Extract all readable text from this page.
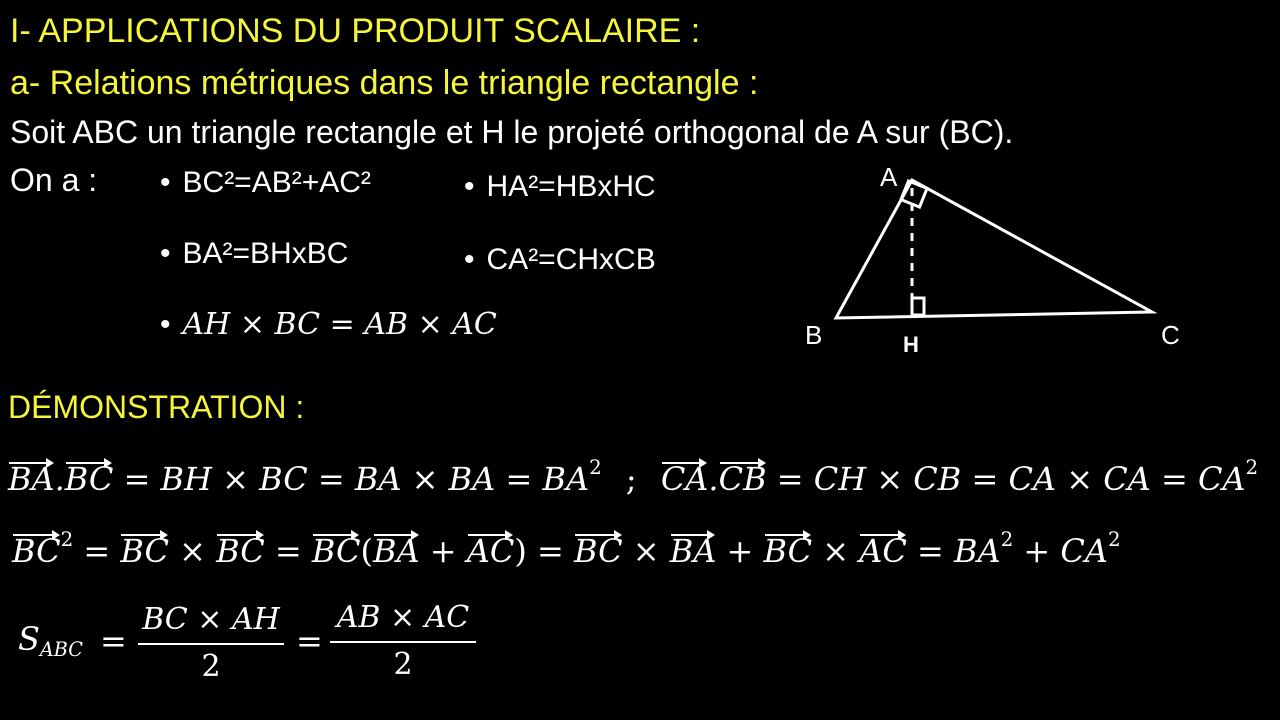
I- APPLICATIONS DU PRODUIT SCALAIRE :
a- Relations métriques dans le triangle rectangle :
Soit ABC un triangle rectangle et H le projeté orthogonal de A sur (BC).
On a : • BC²=AB²+AC²	• HA²=HBxHC
• BA²=BHxBC	• CA²=CHxCB
• AH × BC = AB × AC
A
B	C
H
DÉMONSTRATION :
BA.BC = BH × BC = BA × BA = $BA^2$ ; CA.CB = CH × CB = CA × CA = $CA^2$
$BC^2$ = BC × BC = BC(BA + AC) = BC × BA + BC × AC = $BA^2 + CA^2$
$S_{ABC} = \frac{BC \times AH}{2} = \frac{AB \times AC}{2}$
